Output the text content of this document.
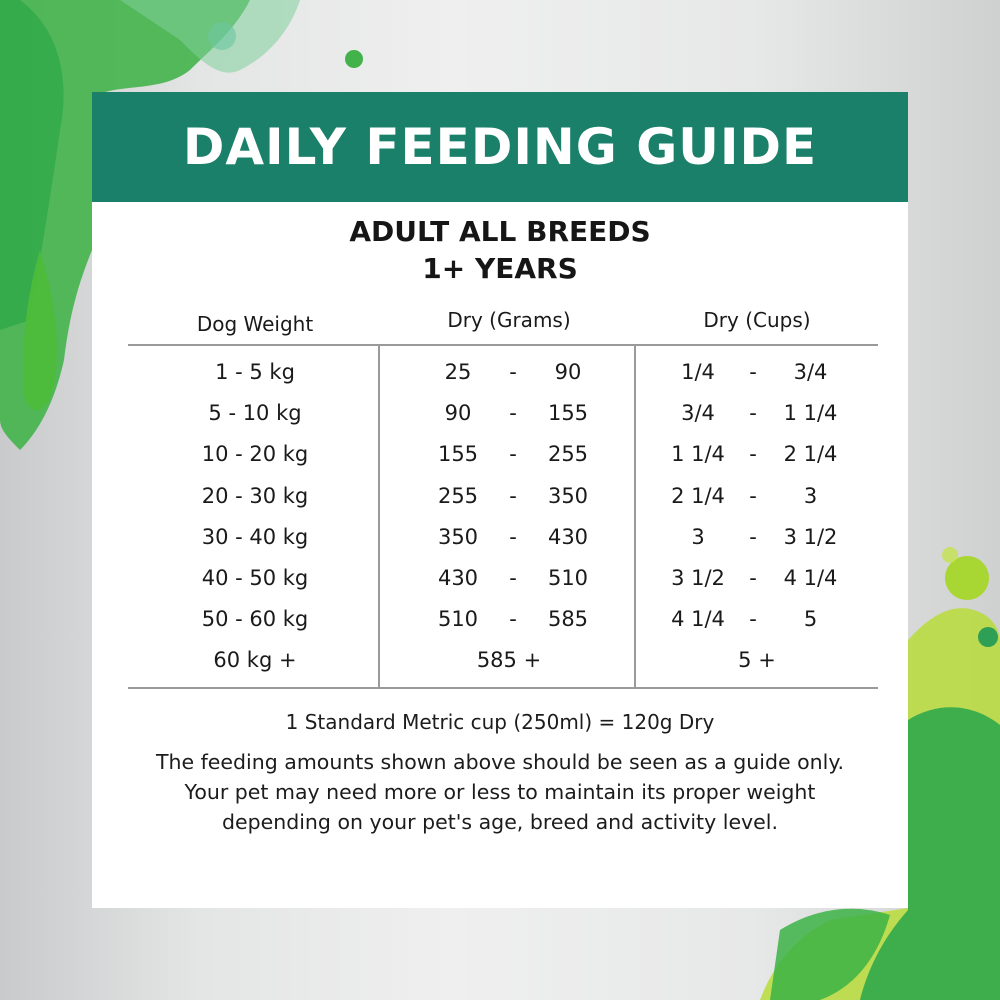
DAILY FEEDING GUIDE
ADULT ALL BREEDS
1+ YEARS
Dog Weight	Dry (Grams)	Dry (Cups)
1 - 5 kg	25	-	90	1/4	-	3/4
5 - 10 kg	90	-	155	3/4	- 1 1/4
10 - 20 kg	155	-	255	1 1/4 - 2 1/4
20 - 30 kg	255	-	350	2 1/4 -	3
30 - 40 kg	350	-	430	3	- 3 1/2
40 - 50 kg	430	-	510	3 1/2 - 4 1/4
50 - 60 kg	510	-	585	4 1/4 -	5
60 kg +	585 +	5 +
1 Standard Metric cup (250ml) = 120g Dry
The feeding amounts shown above should be seen as a guide only. Your pet may need more or less to maintain its proper weight depending on your pet's age, breed and activity level.
